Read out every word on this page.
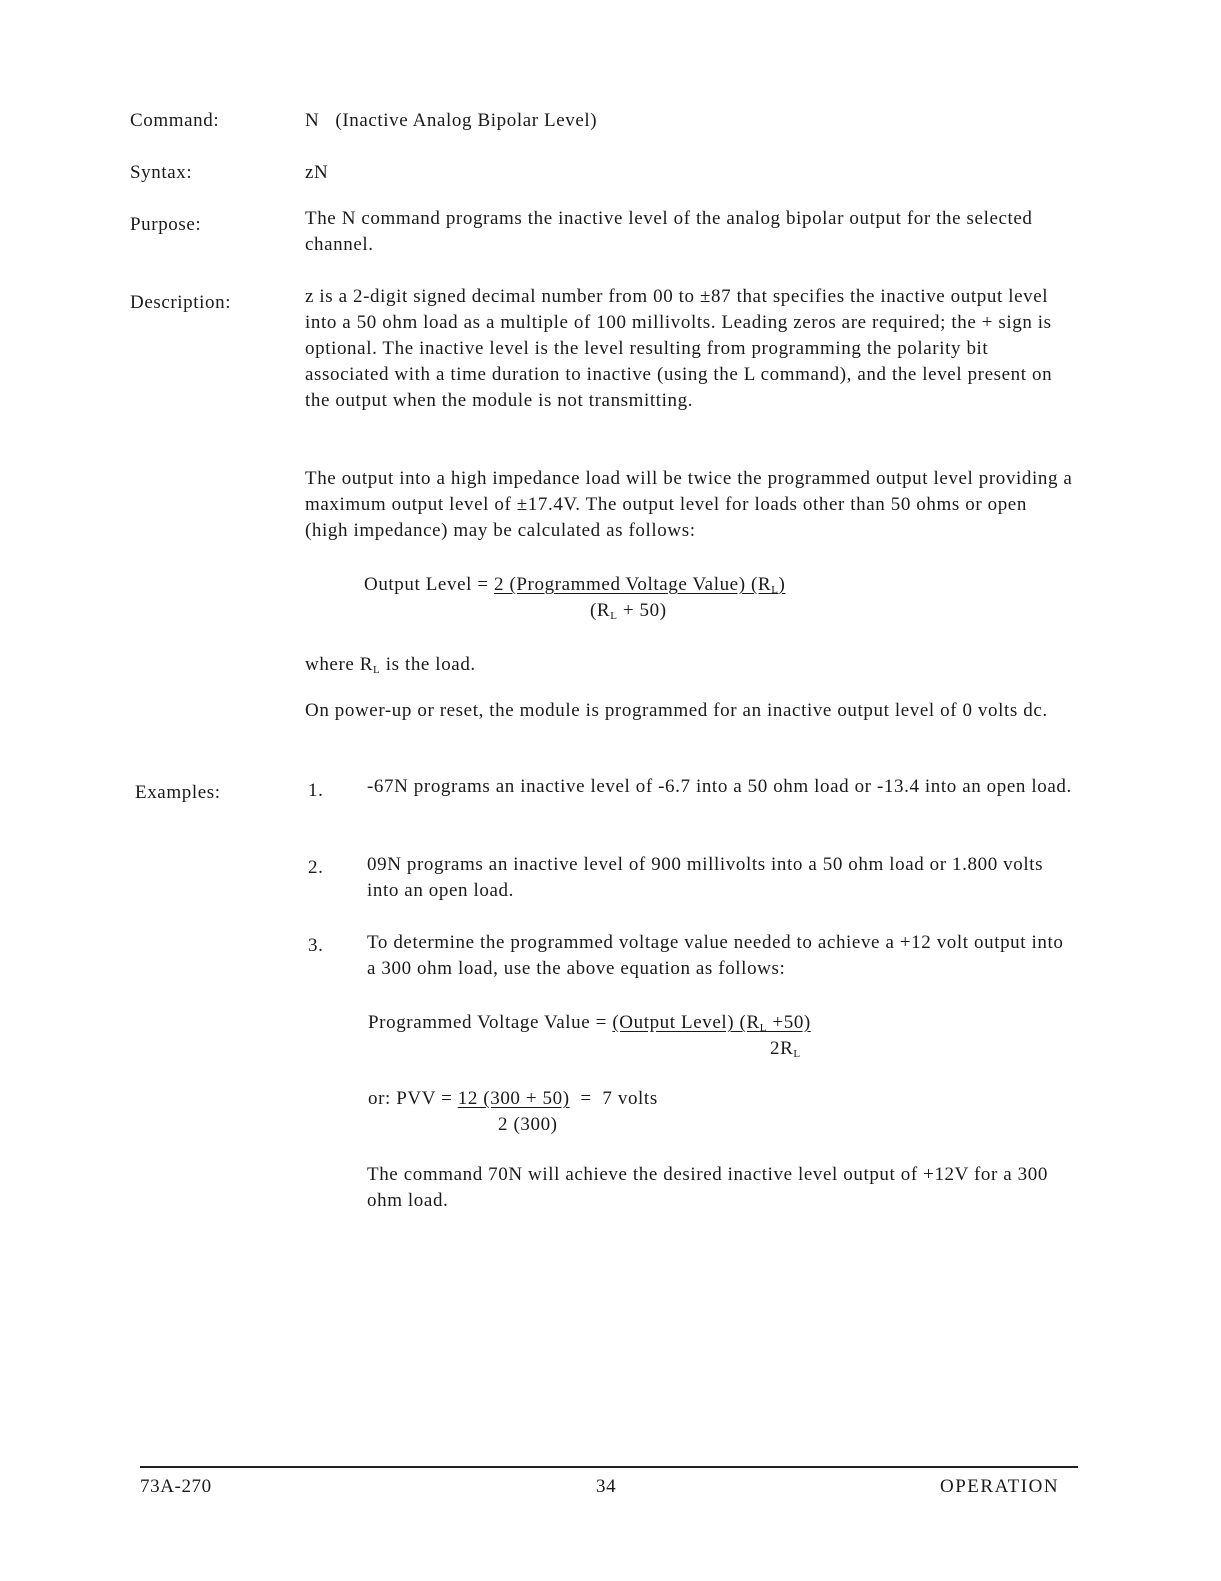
Command:
Syntax:
Purpose:
Description:
Examples:
N (Inactive Analog Bipolar Level)
zN
The N command programs the inactive level of the analog bipolar output for the selected channel.
z is a 2-digit signed decimal number from 00 to ±87 that specifies the inactive output level into a 50 ohm load as a multiple of 100 millivolts. Leading zeros are required; the + sign is optional. The inactive level is the level resulting from programming the polarity bit associated with a time duration to inactive (using the L command), and the level present on the output when the module is not transmitting.
The output into a high impedance load will be twice the programmed output level providing a maximum output level of ±17.4V. The output level for loads other than 50 ohms or open (high impedance) may be calculated as follows:
Output Level = 2 (Programmed Voltage Value) $(R_L)$
$(R_L + 50)$
where $R_L$ is the load.
On power-up or reset, the module is programmed for an inactive output level of 0 volts dc.
1. -67N programs an inactive level of -6.7 into a 50 ohm load or -13.4 into an open load.
2. 09N programs an inactive level of 900 millivolts into a 50 ohm load or 1.800 volts into an open load.
3. To determine the programmed voltage value needed to achieve a +12 volt output into a 300 ohm load, use the above equation as follows:
Programmed Voltage Value = (Output Level) $(R_L +50)$
$2R_L$
or: PVV = 12 (300 + 50) = 7 volts
2 (300)
The command 70N will achieve the desired inactive level output of +12V for a 300 ohm load.
73A-270	34	OPERATION
